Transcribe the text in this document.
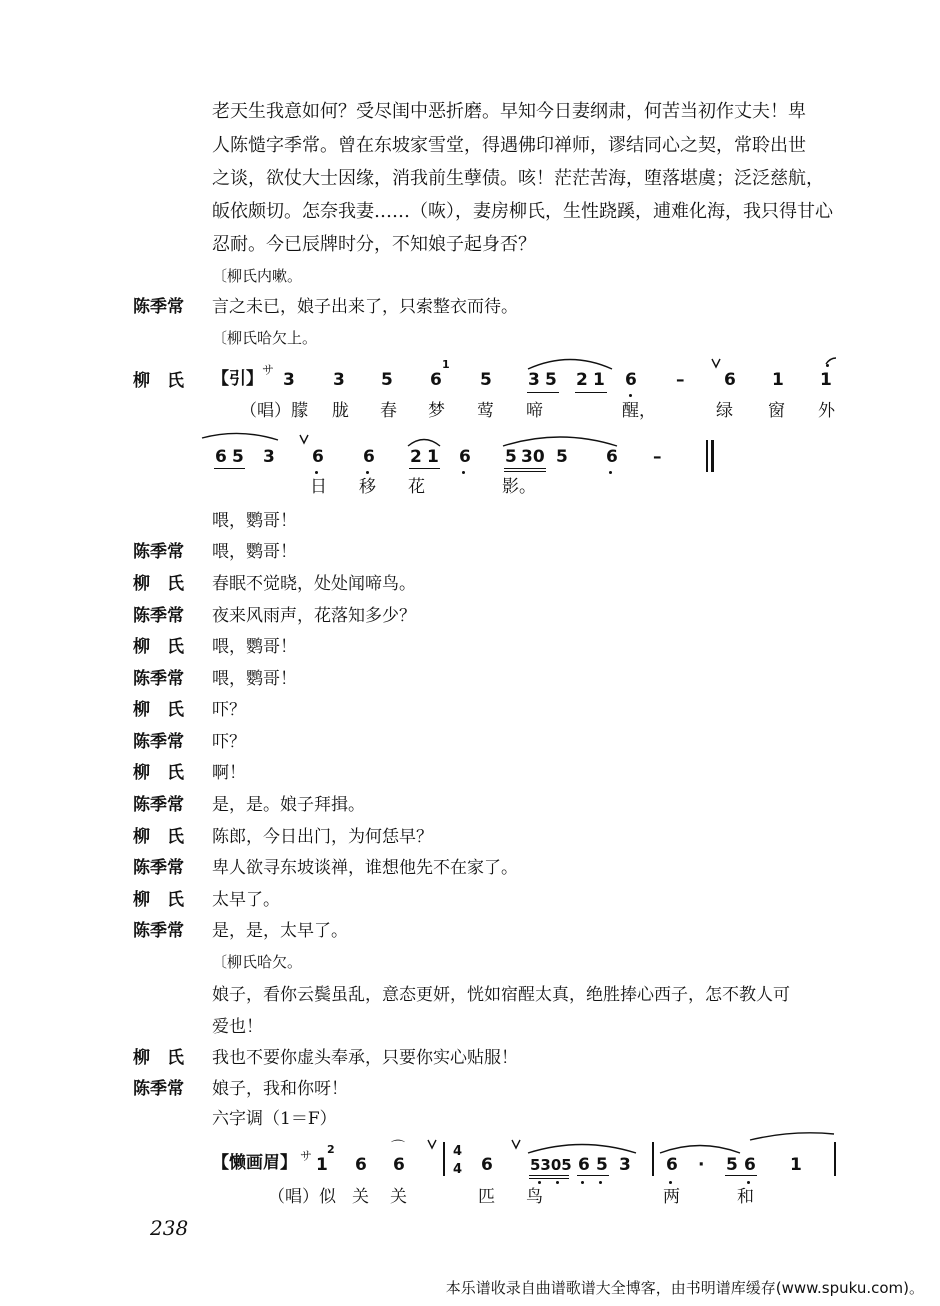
老天生我意如何？受尽闺中恶折磨。早知今日妻纲肃，何苦当初作丈夫！卑
人陈慥字季常。曾在东坡家雪堂，得遇佛印禅师，谬结同心之契，常聆出世
之谈，欲仗大士因缘，消我前生孽债。咳！茫茫苦海，堕落堪虞；泛泛慈航，
皈依颇切。怎奈我妻……（咴），妻房柳氏，生性跷蹊，逋难化海，我只得甘心
忍耐。今已辰牌时分，不知娘子起身否？
〔柳氏内嗽。
陈季常 言之未已，娘子出来了，只索整衣而待。
〔柳氏哈欠上。
柳　氏 【引】 サ 3 3 5 6
1
5 3 5 2 1 6 – 6 1 1
（唱）朦 胧 春 梦 莺 啼	醒，	绿 窗 外
6 5 3 6 6 2 1 6 5 30 5 6 –
日 移 花	影。
喂，鹦哥！
陈季常 喂，鹦哥！
柳　氏 春眠不觉晓，处处闻啼鸟。
陈季常 夜来风雨声，花落知多少？
柳　氏 喂，鹦哥！
陈季常 喂，鹦哥！
柳　氏 吓？
陈季常 吓？
柳　氏 啊！
陈季常 是，是。娘子拜揖。
柳　氏 陈郎，今日出门，为何恁早？
陈季常 卑人欲寻东坡谈禅，谁想他先不在家了。
柳　氏 太早了。
陈季常 是，是，太早了。
〔柳氏哈欠。
娘子，看你云鬓虽乱，意态更妍，恍如宿酲太真，绝胜捧心西子，怎不教人可
爱也！
柳　氏 我也不要你虚头奉承，只要你实心贴服！
陈季常 娘子，我和你呀！
六字调（1＝F）
【懒画眉】 サ 1
2
6 6
⌒	4
4 6 5305 6 5 3 6 · 5 6 1
（唱）似 关 关	匹 鸟	两	和
238
本乐谱收录自曲谱歌谱大全博客，由书明谱库缓存(www.spuku.com)。
